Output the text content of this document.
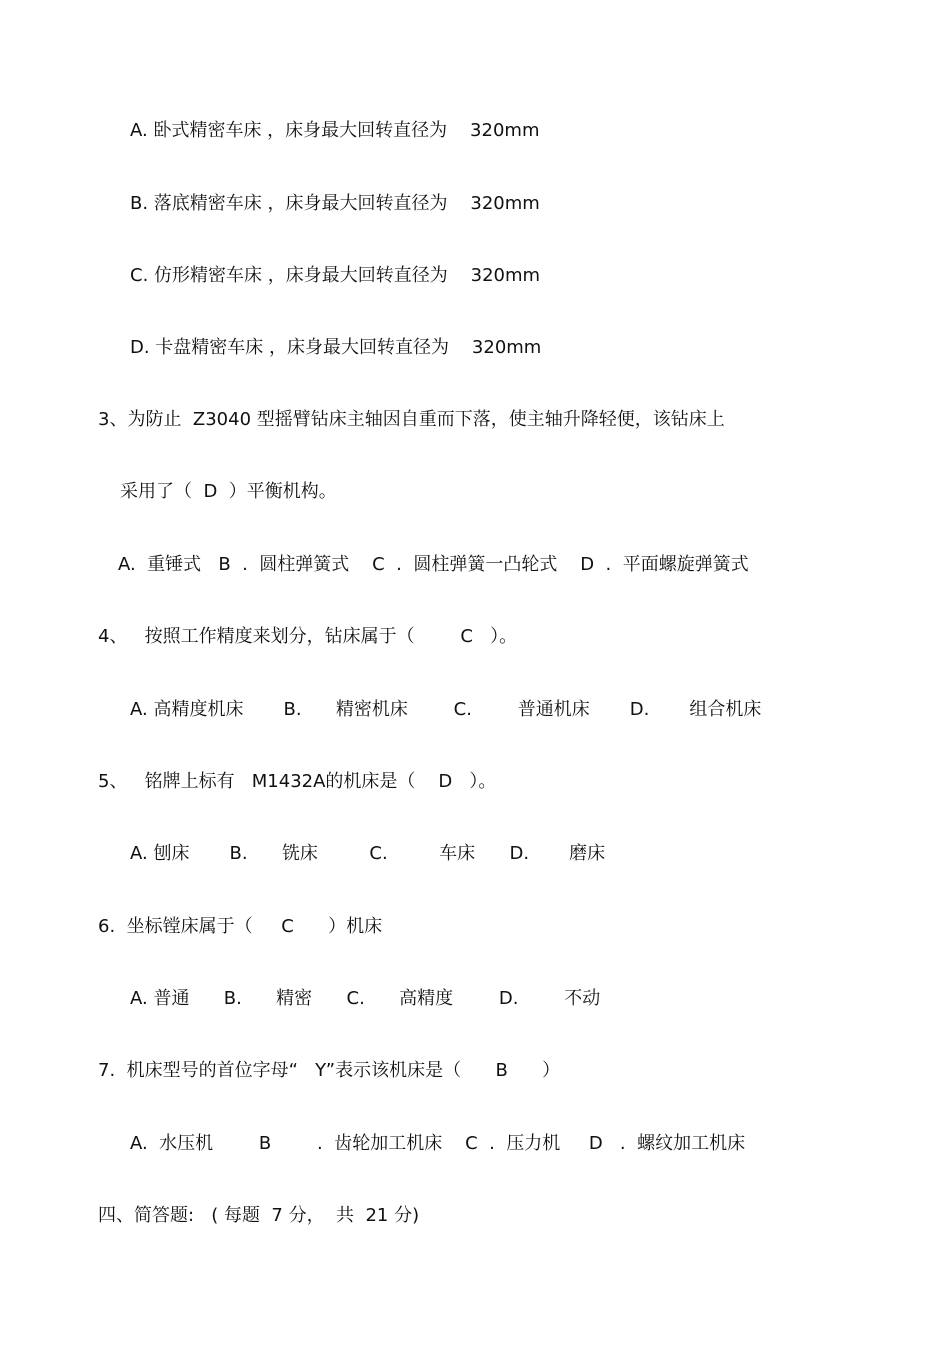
A. 卧式精密车床 ，床身最大回转直径为    320mm
B. 落底精密车床 ，床身最大回转直径为    320mm
C. 仿形精密车床 ，床身最大回转直径为    320mm
D. 卡盘精密车床 ，床身最大回转直径为    320mm
3、为防止  Z3040 型摇臂钻床主轴因自重而下落，使主轴升降轻便，该钻床上
采用了（  D  ）平衡机构。
A.  重锤式   B  .  圆柱弹簧式    C  .  圆柱弹簧一凸轮式    D  .  平面螺旋弹簧式
4、   按照工作精度来划分，钻床属于（        C   ）。
A. 高精度机床       B.      精密机床        C.        普通机床       D.       组合机床
5、   铭牌上标有   M1432A的机床是（    D   ）。
A. 刨床       B.      铣床         C.         车床      D.       磨床
6.  坐标镗床属于（     C      ）机床
A. 普通      B.      精密      C.      高精度        D.        不动
7.  机床型号的首位字母“   Y”表示该机床是（      B      ）
A.  水压机        B        .  齿轮加工机床    C  .  压力机     D   .  螺纹加工机床
四、简答题:   ( 每题  7 分，  共  21 分)
